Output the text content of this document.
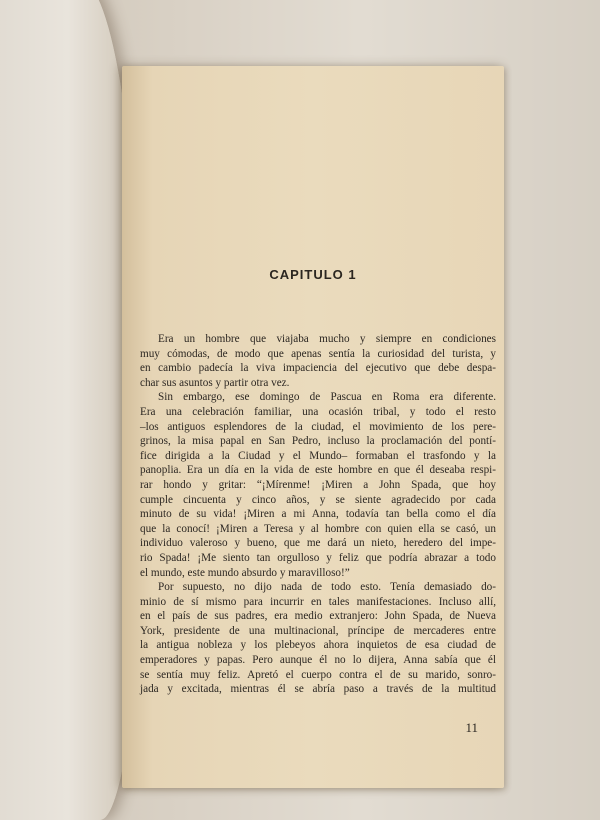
CAPITULO 1
Era un hombre que viajaba mucho y siempre en condiciones
muy cómodas, de modo que apenas sentía la curiosidad del turista, y
en cambio padecía la viva impaciencia del ejecutivo que debe despa-
char sus asuntos y partir otra vez.
Sin embargo, ese domingo de Pascua en Roma era diferente.
Era una celebración familiar, una ocasión tribal, y todo el resto
–los antiguos esplendores de la ciudad, el movimiento de los pere-
grinos, la misa papal en San Pedro, incluso la proclamación del pontí-
fice dirigida a la Ciudad y el Mundo– formaban el trasfondo y la
panoplia. Era un día en la vida de este hombre en que él deseaba respi-
rar hondo y gritar: “¡Mírenme! ¡Miren a John Spada, que hoy
cumple cincuenta y cinco años, y se siente agradecido por cada
minuto de su vida! ¡Miren a mi Anna, todavía tan bella como el día
que la conocí! ¡Miren a Teresa y al hombre con quien ella se casó, un
individuo valeroso y bueno, que me dará un nieto, heredero del impe-
rio Spada! ¡Me siento tan orgulloso y feliz que podría abrazar a todo
el mundo, este mundo absurdo y maravilloso!”
Por supuesto, no dijo nada de todo esto. Tenía demasiado do-
minio de sí mismo para incurrir en tales manifestaciones. Incluso allí,
en el país de sus padres, era medio extranjero: John Spada, de Nueva
York, presidente de una multinacional, príncipe de mercaderes entre
la antigua nobleza y los plebeyos ahora inquietos de esa ciudad de
emperadores y papas. Pero aunque él no lo dijera, Anna sabía que él
se sentía muy feliz. Apretó el cuerpo contra el de su marido, sonro-
jada y excitada, mientras él se abría paso a través de la multitud
11
